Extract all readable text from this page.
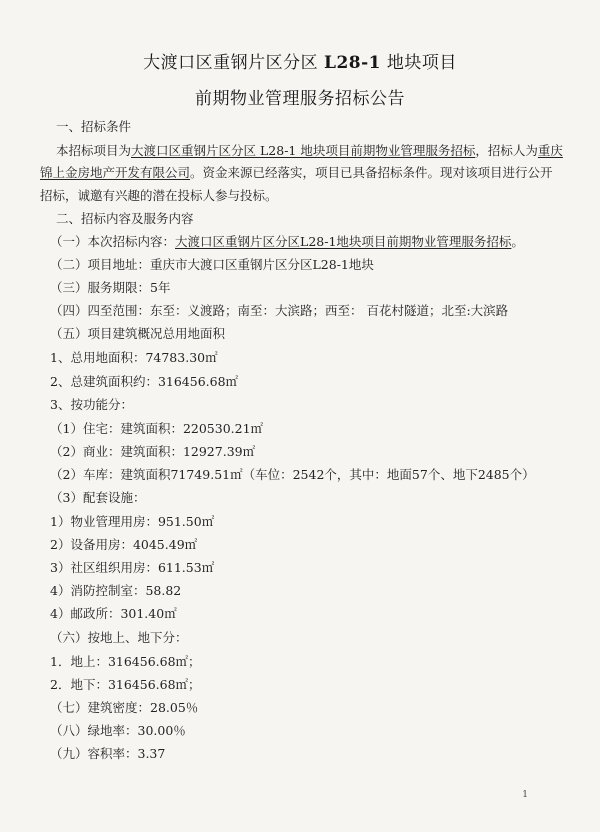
大渡口区重钢片区分区 L28-1 地块项目
前期物业管理服务招标公告
一、招标条件
本招标项目为大渡口区重钢片区分区 L28-1 地块项目前期物业管理服务招标，招标人为重庆
锦上金房地产开发有限公司。资金来源已经落实，项目已具备招标条件。现对该项目进行公开
招标，诚邀有兴趣的潜在投标人参与投标。
二、招标内容及服务内容
（一）本次招标内容：大渡口区重钢片区分区L28-1地块项目前期物业管理服务招标。
（二）项目地址：重庆市大渡口区重钢片区分区L28-1地块
（三）服务期限：5年
（四）四至范围：东至：义渡路；南至：大滨路；西至： 百花村隧道；北至:大滨路
（五）项目建筑概况总用地面积
1、总用地面积：74783.30㎡
2、总建筑面积约：316456.68㎡
3、按功能分：
（1）住宅：建筑面积：220530.21㎡
（2）商业：建筑面积：12927.39㎡
（2）车库：建筑面积71749.51㎡（车位：2542个，其中：地面57个、地下2485个）
（3）配套设施：
1）物业管理用房：951.50㎡
2）设备用房：4045.49㎡
3）社区组织用房：611.53㎡
4）消防控制室：58.82
4）邮政所：301.40㎡
（六）按地上、地下分：
1．地上：316456.68㎡；
2．地下：316456.68㎡；
（七）建筑密度：28.05％
（八）绿地率：30.00％
（九）容积率：3.37
1
